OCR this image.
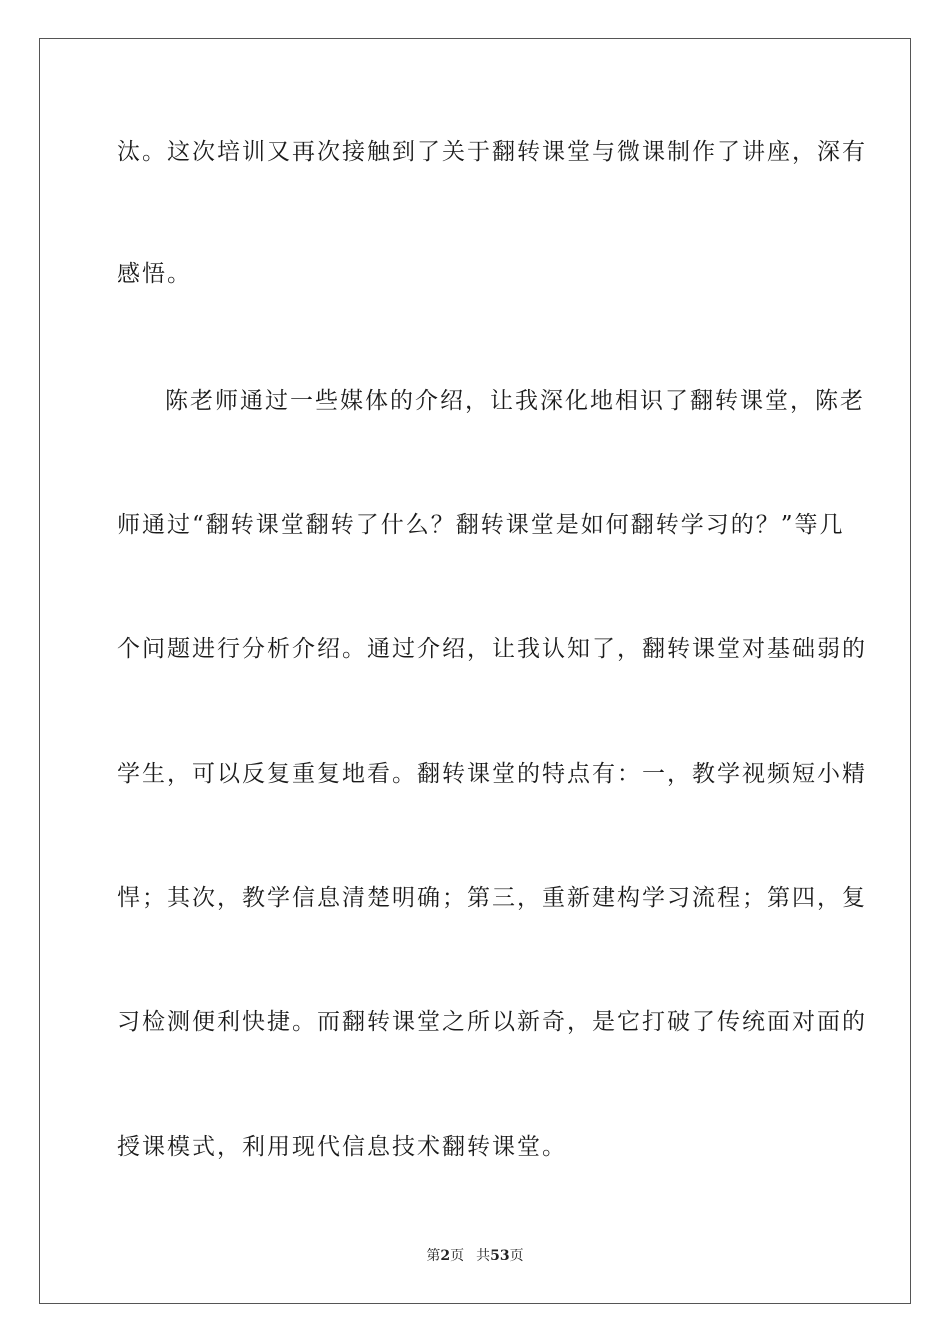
汰。这次培训又再次接触到了关于翻转课堂与微课制作了讲座，深有
感悟。
陈老师通过一些媒体的介绍，让我深化地相识了翻转课堂，陈老
师通过“翻转课堂翻转了什么？翻转课堂是如何翻转学习的？”等几
个问题进行分析介绍。通过介绍，让我认知了，翻转课堂对基础弱的
学生，可以反复重复地看。翻转课堂的特点有：一，教学视频短小精
悍；其次，教学信息清楚明确；第三，重新建构学习流程；第四，复
习检测便利快捷。而翻转课堂之所以新奇，是它打破了传统面对面的
授课模式，利用现代信息技术翻转课堂。
第2页 共53页
